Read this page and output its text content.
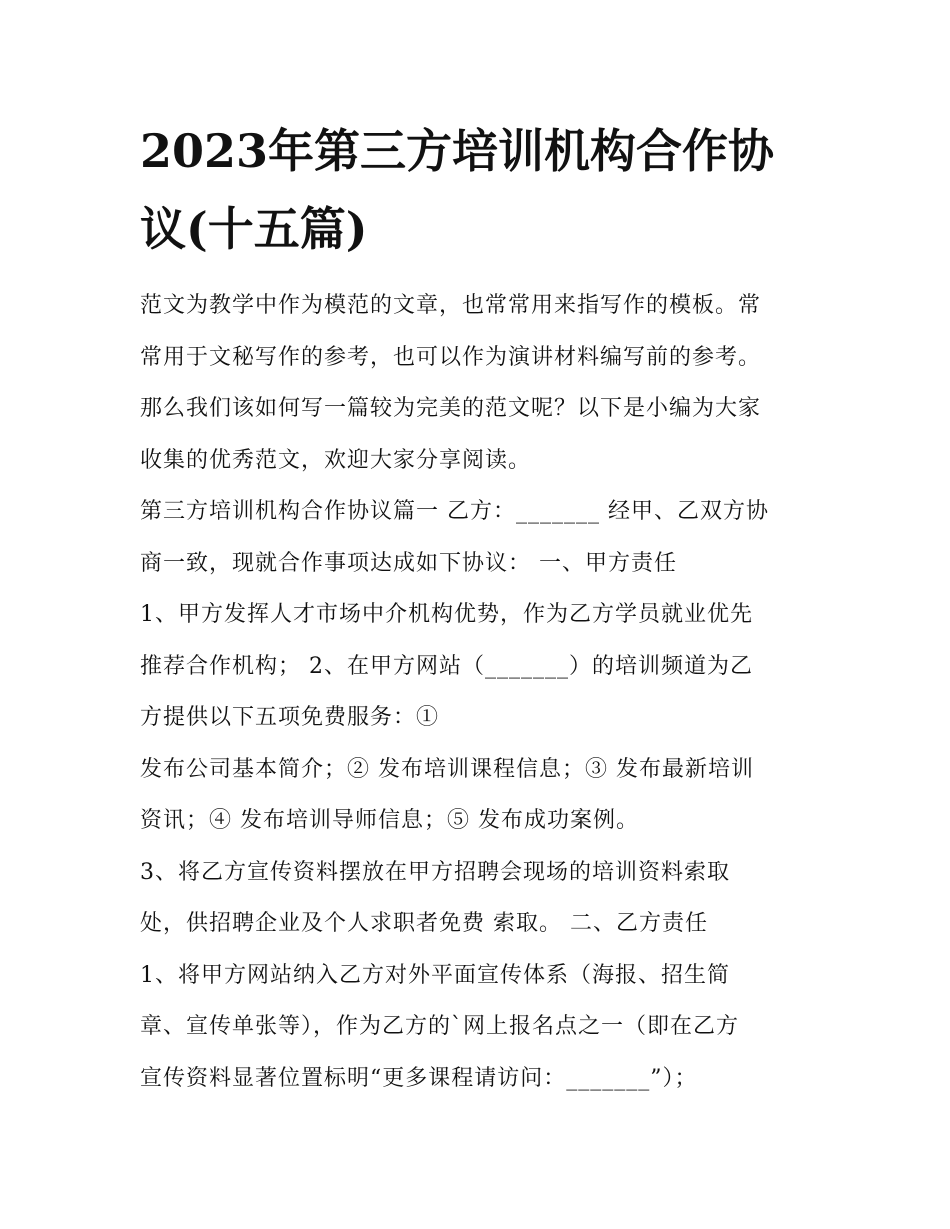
2023年第三方培训机构合作协
议(十五篇)

范文为教学中作为模范的文章，也常常用来指写作的模板。常

常用于文秘写作的参考，也可以作为演讲材料编写前的参考。

那么我们该如何写一篇较为完美的范文呢？以下是小编为大家

收集的优秀范文，欢迎大家分享阅读。

第三方培训机构合作协议篇一 乙方：_______ 经甲、乙双方协

商一致，现就合作事项达成如下协议： 一、甲方责任

1、甲方发挥人才市场中介机构优势，作为乙方学员就业优先

推荐合作机构； 2、在甲方网站（_______）的培训频道为乙

方提供以下五项免费服务：①

发布公司基本简介；② 发布培训课程信息；③ 发布最新培训

资讯；④ 发布培训导师信息；⑤ 发布成功案例。

3、将乙方宣传资料摆放在甲方招聘会现场的培训资料索取

处，供招聘企业及个人求职者免费 索取。 二、乙方责任

1、将甲方网站纳入乙方对外平面宣传体系（海报、招生简

章、宣传单张等），作为乙方的`网上报名点之一（即在乙方

宣传资料显著位置标明“更多课程请访问：_______”）；
